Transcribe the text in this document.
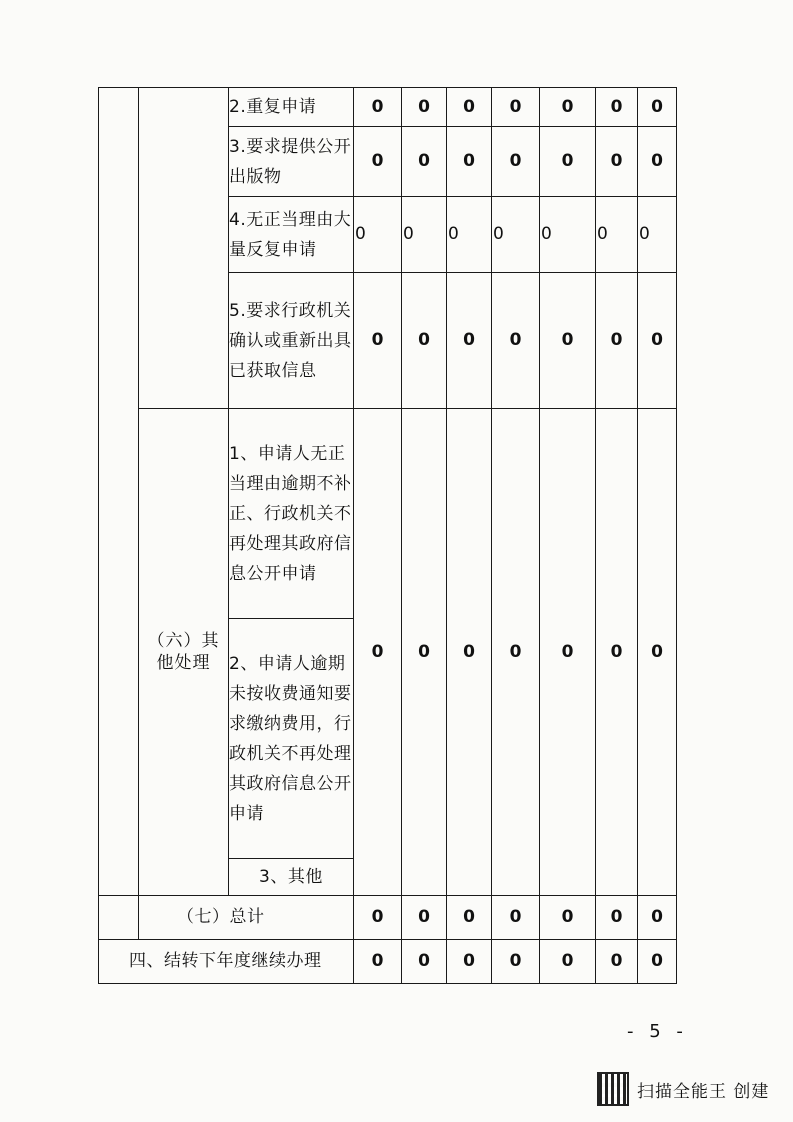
		2.重复申请	0	0	0	0	0	0	0
		3.要求提供公开出版物	0	0	0	0	0	0	0
		4.无正当理由大量反复申请	0	0	0	0	0	0	0
		5.要求行政机关确认或重新出具已获取信息	0	0	0	0	0	0	0
	（六）其他处理	1、申请人无正当理由逾期不补正、行政机关不再处理其政府信息公开申请	0	0	0	0	0	0	0
		2、申请人逾期未按收费通知要求缴纳费用，行政机关不再处理其政府信息公开申请							
		3、其他							
	（七）总计		0	0	0	0	0	0	0
四、结转下年度继续办理			0	0	0	0	0	0	0
- 5 -
扫描全能王 创建
